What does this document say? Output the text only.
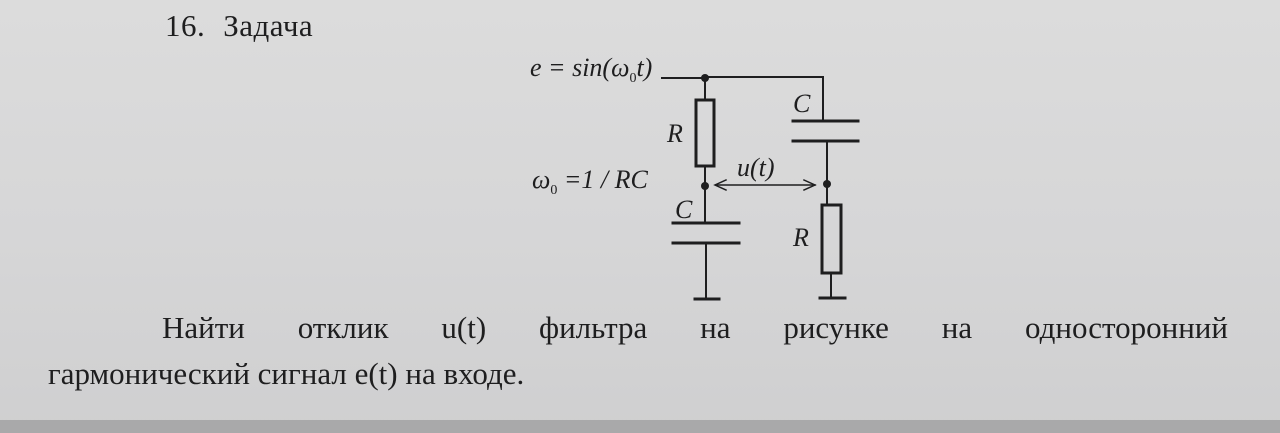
16. Задача
$e = \sin(\omega_0t)$
$\omega_0 =1$ / RC
R
C
C
R
u(t)
Найти отклик u(t) фильтра на рисунке на односторонний
гармонический сигнал e(t) на входе.
